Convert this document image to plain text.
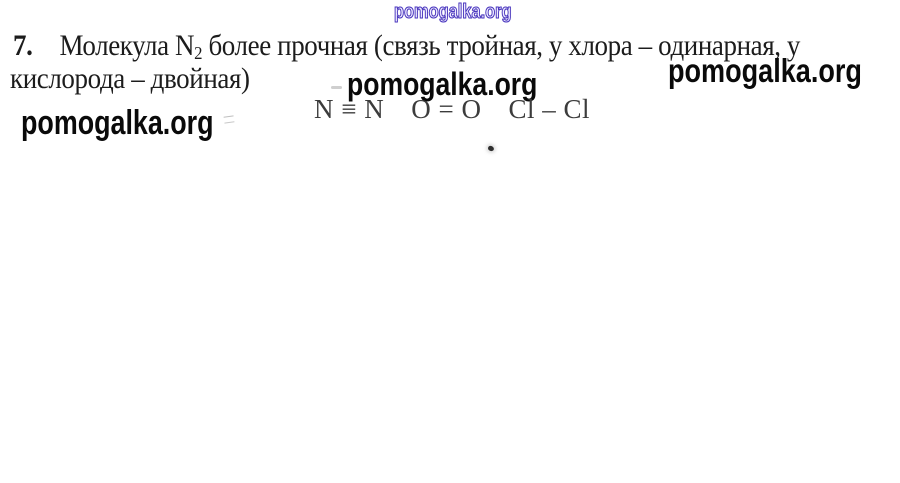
pomogalka.org
7. Молекула $N_2$ более прочная (связь тройная, у хлора – одинарная, у
кислорода – двойная)	pomogalka.org	pomogalka.org
N ≡ N O = O Cl – Cl
pomogalka.org
